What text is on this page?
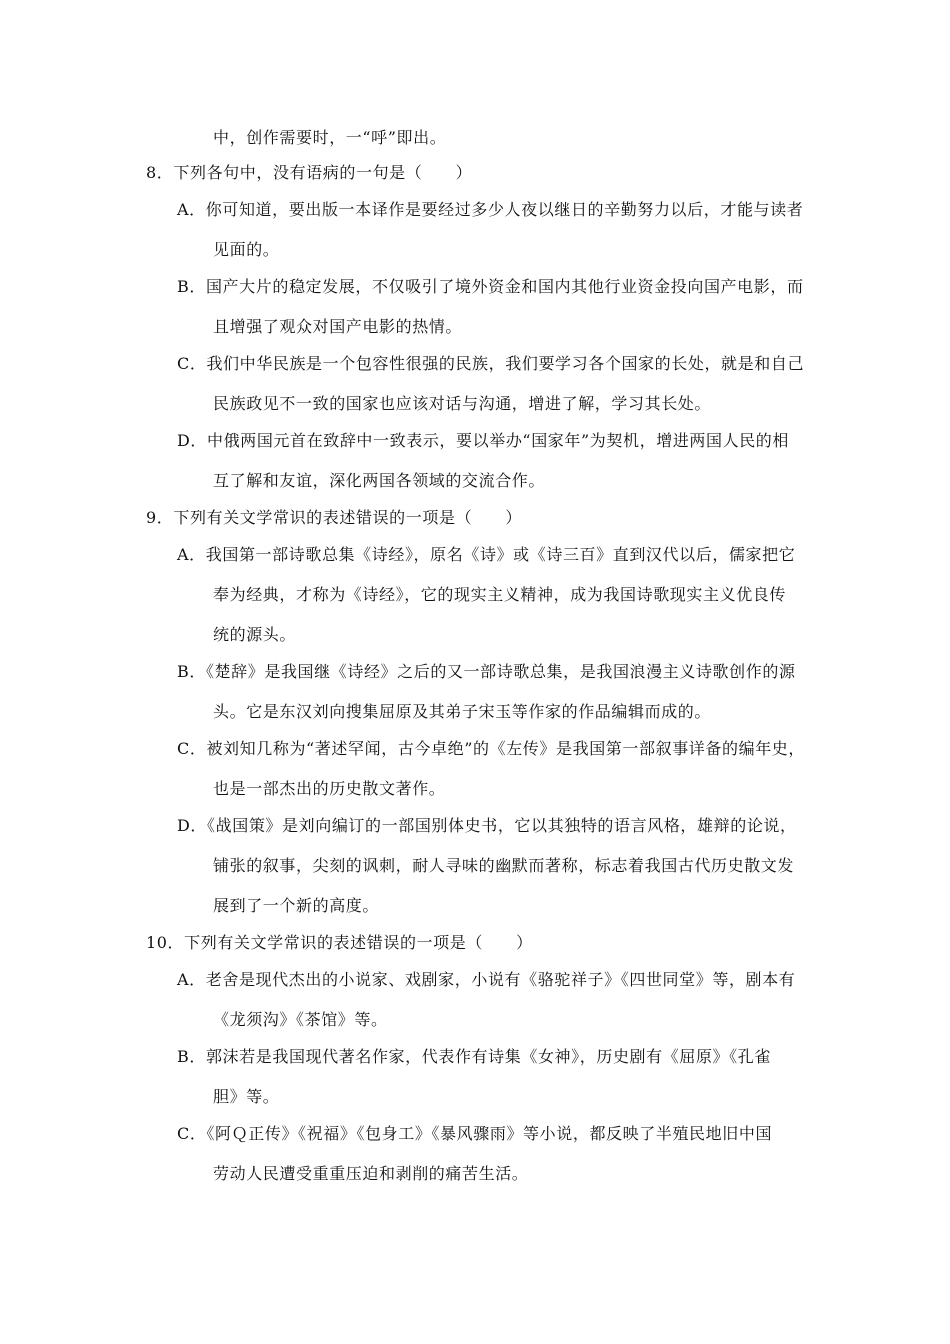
中，创作需要时，一“呼”即出。
8．下列各句中，没有语病的一句是（　　）
A．你可知道，要出版一本译作是要经过多少人夜以继日的辛勤努力以后，才能与读者
见面的。
B．国产大片的稳定发展，不仅吸引了境外资金和国内其他行业资金投向国产电影，而
且增强了观众对国产电影的热情。
C．我们中华民族是一个包容性很强的民族，我们要学习各个国家的长处，就是和自己
民族政见不一致的国家也应该对话与沟通，增进了解，学习其长处。
D．中俄两国元首在致辞中一致表示，要以举办“国家年”为契机，增进两国人民的相
互了解和友谊，深化两国各领域的交流合作。
9．下列有关文学常识的表述错误的一项是（　　）
A．我国第一部诗歌总集《诗经》，原名《诗》或《诗三百》直到汉代以后，儒家把它
奉为经典，才称为《诗经》，它的现实主义精神，成为我国诗歌现实主义优良传
统的源头。
B．《楚辞》是我国继《诗经》之后的又一部诗歌总集，是我国浪漫主义诗歌创作的源
头。它是东汉刘向搜集屈原及其弟子宋玉等作家的作品编辑而成的。
C．被刘知几称为“著述罕闻，古今卓绝”的《左传》是我国第一部叙事详备的编年史，
也是一部杰出的历史散文著作。
D．《战国策》是刘向编订的一部国别体史书，它以其独特的语言风格，雄辩的论说，
铺张的叙事，尖刻的讽刺，耐人寻味的幽默而著称，标志着我国古代历史散文发
展到了一个新的高度。
10．下列有关文学常识的表述错误的一项是（　　）
A．老舍是现代杰出的小说家、戏剧家，小说有《骆驼祥子》《四世同堂》等，剧本有
《龙须沟》《茶馆》等。
B．郭沫若是我国现代著名作家，代表作有诗集《女神》，历史剧有《屈原》《孔雀
胆》等。
C．《阿Ｑ正传》《祝福》《包身工》《暴风骤雨》等小说，都反映了半殖民地旧中国
劳动人民遭受重重压迫和剥削的痛苦生活。
